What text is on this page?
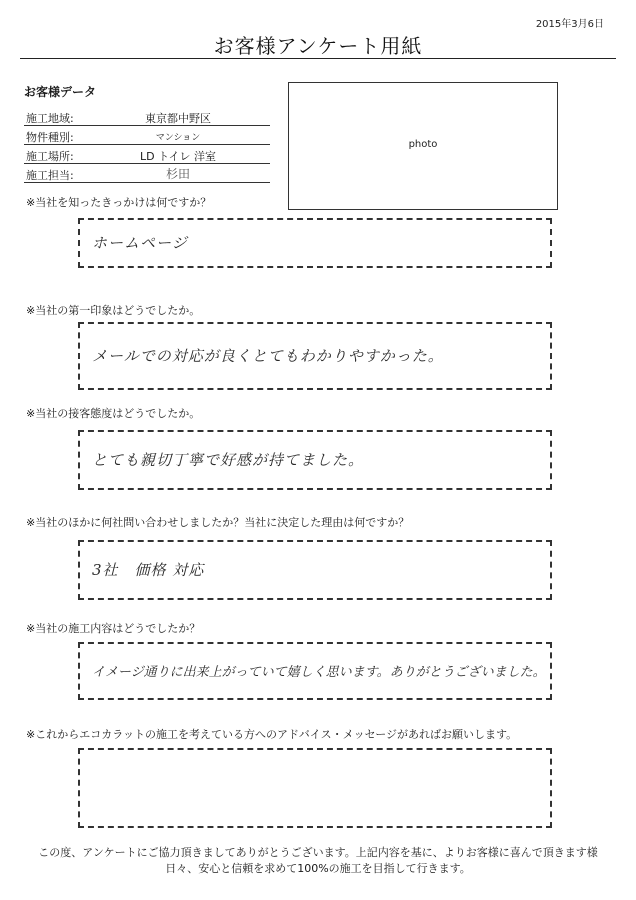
2015年3月6日
お客様アンケート用紙
お客様データ
施工地域:	東京都中野区
物件種別:	マンション
施工場所:	LD トイレ 洋室
施工担当:	杉田
photo
※当社を知ったきっかけは何ですか？
ホームページ
※当社の第一印象はどうでしたか。
メールでの対応が良くとてもわかりやすかった。
※当社の接客態度はどうでしたか。
とても親切丁寧で好感が持てました。
※当社のほかに何社問い合わせしましたか？当社に決定した理由は何ですか？
3社　価格 対応
※当社の施工内容はどうでしたか？
イメージ通りに出来上がっていて嬉しく思います。ありがとうございました。
※これからエコカラットの施工を考えている方へのアドバイス・メッセージがあればお願いします。
この度、アンケートにご協力頂きましてありがとうございます。上記内容を基に、よりお客様に喜んで頂きます様
日々、安心と信頼を求めて100%の施工を目指して行きます。
